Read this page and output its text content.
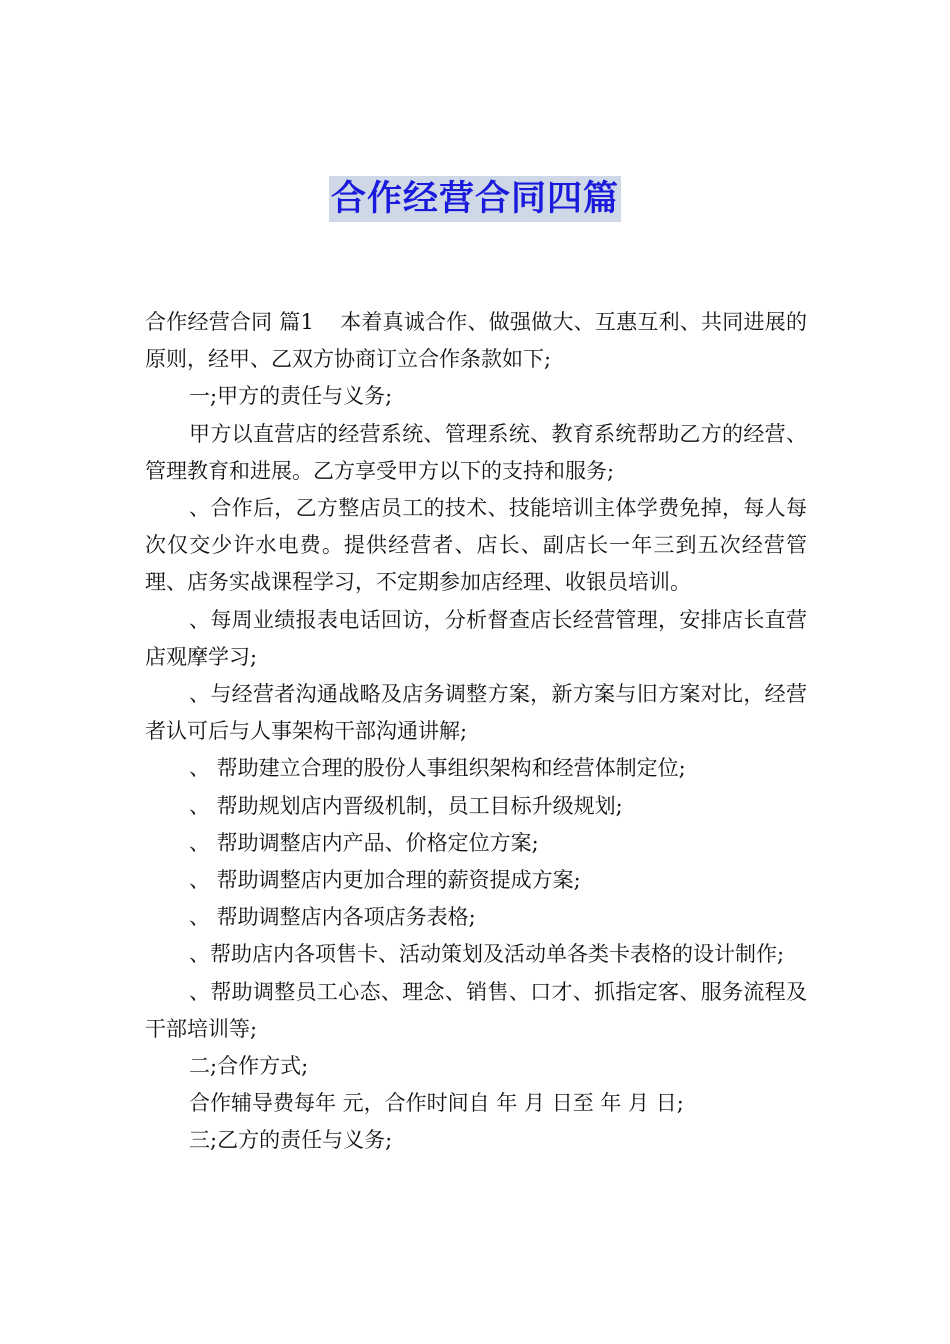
合作经营合同四篇

合作经营合同 篇1 本着真诚合作、做强做大、互惠互利、共同进展的原则，经甲、乙双方协商订立合作条款如下;

一;甲方的责任与义务;

甲方以直营店的经营系统、管理系统、教育系统帮助乙方的经营、管理教育和进展。乙方享受甲方以下的支持和服务;

、合作后，乙方整店员工的技术、技能培训主体学费免掉，每人每次仅交少许水电费。提供经营者、店长、副店长一年三到五次经营管理、店务实战课程学习，不定期参加店经理、收银员培训。

、每周业绩报表电话回访，分析督查店长经营管理，安排店长直营店观摩学习;

、与经营者沟通战略及店务调整方案，新方案与旧方案对比，经营者认可后与人事架构干部沟通讲解;

、 帮助建立合理的股份人事组织架构和经营体制定位;

、 帮助规划店内晋级机制，员工目标升级规划;

、 帮助调整店内产品、价格定位方案;

、 帮助调整店内更加合理的薪资提成方案;

、 帮助调整店内各项店务表格;

、帮助店内各项售卡、活动策划及活动单各类卡表格的设计制作;

、帮助调整员工心态、理念、销售、口才、抓指定客、服务流程及干部培训等;

二;合作方式;

合作辅导费每年 元，合作时间自 年 月 日至 年 月 日;

三;乙方的责任与义务;
